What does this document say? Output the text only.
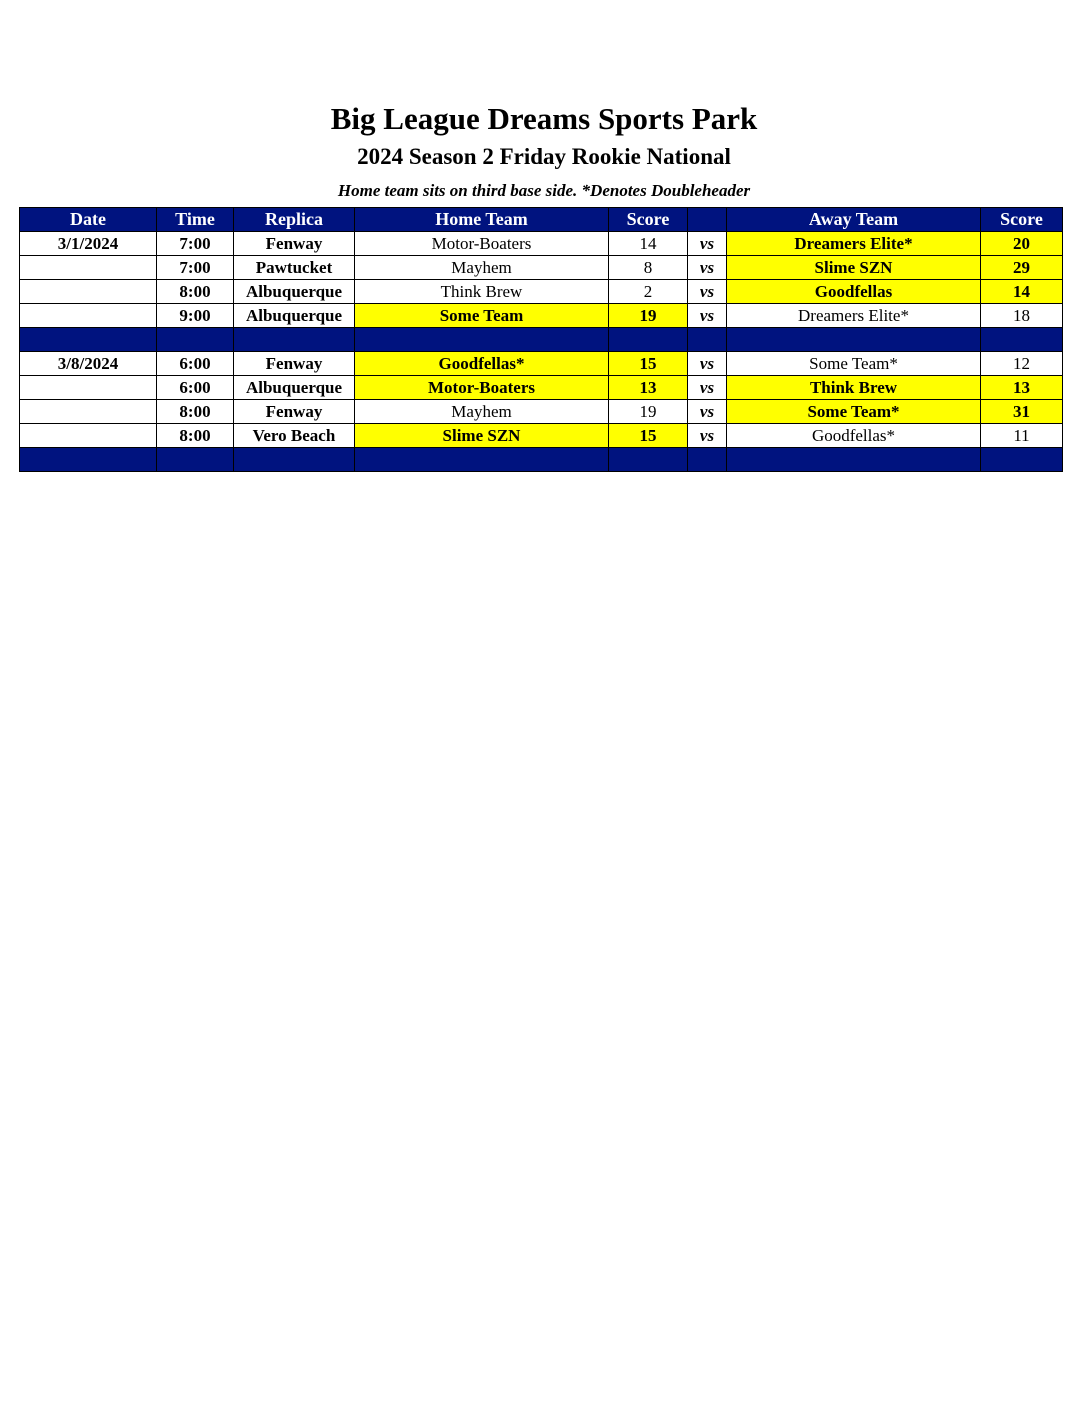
Big League Dreams Sports Park
2024 Season 2 Friday Rookie National
Home team sits on third base side. *Denotes Doubleheader
Date	Time	Replica	Home Team	Score		Away Team	Score
3/1/2024	7:00	Fenway	Motor-Boaters	14	vs	Dreamers Elite*	20
	7:00	Pawtucket	Mayhem	8	vs	Slime SZN	29
	8:00	Albuquerque	Think Brew	2	vs	Goodfellas	14
	9:00	Albuquerque	Some Team	19	vs	Dreamers Elite*	18

3/8/2024	6:00	Fenway	Goodfellas*	15	vs	Some Team*	12
	6:00	Albuquerque	Motor-Boaters	13	vs	Think Brew	13
	8:00	Fenway	Mayhem	19	vs	Some Team*	31
	8:00	Vero Beach	Slime SZN	15	vs	Goodfellas*	11
